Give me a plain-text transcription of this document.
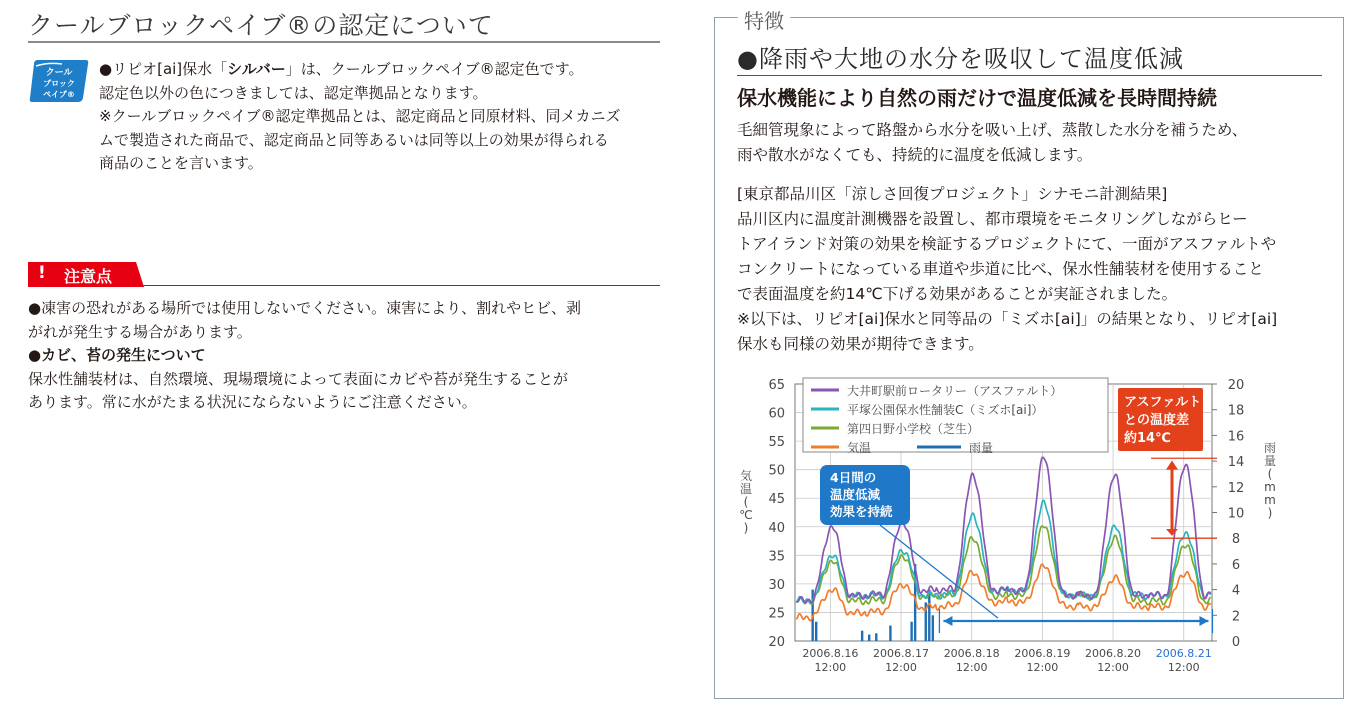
クールブロックペイブ®の認定について
クール
ブロック
ペイブ®
●リピオ[ai]保水「シルバー」は、クールブロックペイブ®認定色です。
認定色以外の色につきましては、認定準拠品となります。
※クールブロックペイブ®認定準拠品とは、認定商品と同原材料、同メカニズ
ムで製造された商品で、認定商品と同等あるいは同等以上の効果が得られる
商品のことを言います。
! 注意点
●凍害の恐れがある場所では使用しないでください。凍害により、割れやヒビ、剥
がれが発生する場合があります。
●カビ、苔の発生について
保水性舗装材は、自然環境、現場環境によって表面にカビや苔が発生することが
あります。常に水がたまる状況にならないようにご注意ください。
特徴
●降雨や大地の水分を吸収して温度低減
保水機能により自然の雨だけで温度低減を長時間持続
毛細管現象によって路盤から水分を吸い上げ、蒸散した水分を補うため、
雨や散水がなくても、持続的に温度を低減します。
[東京都品川区「涼しさ回復プロジェクト」シナモニ計測結果]
品川区内に温度計測機器を設置し、都市環境をモニタリングしながらヒー
トアイランド対策の効果を検証するプロジェクトにて、一面がアスファルトや
コンクリートになっている車道や歩道に比べ、保水性舗装材を使用すること
で表面温度を約14℃下げる効果があることが実証されました。
※以下は、リピオ[ai]保水と同等品の「ミズホ[ai]」の結果となり、リピオ[ai]
保水も同様の効果が期待できます。
20
25
30
35
40
45
50
55
60
65
0
2
4
6
8
10
12
14
16
18
20
2006.8.16
12:00
2006.8.17
12:00
2006.8.18
12:00
2006.8.19
12:00
2006.8.20
12:00
2006.8.21
12:00
気
温
(
℃
)
雨
量
(
m
m
)
大井町駅前ロータリー（アスファルト）
平塚公園保水性舗装C（ミズホ[ai]）
第四日野小学校（芝生）
気温	雨量
アスファルト
との温度差
約14℃
4日間の
温度低減
効果を持続
